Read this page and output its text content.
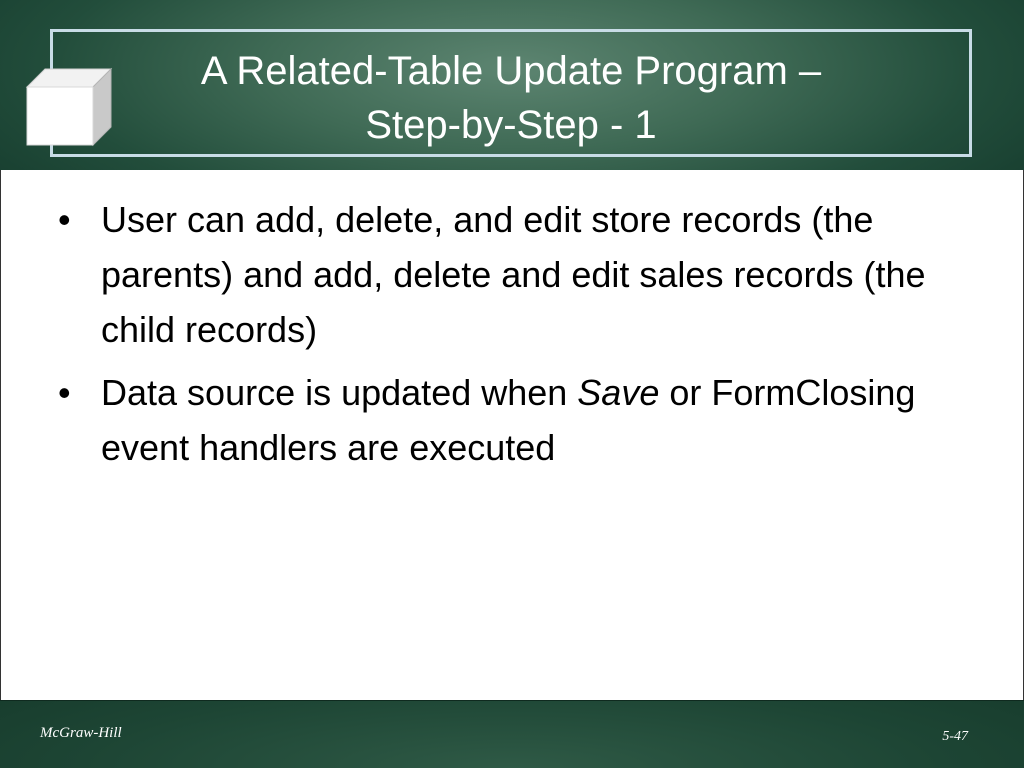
A Related-Table Update Program –
Step-by-Step - 1
• User can add, delete, and edit store records (the parents) and add, delete and edit sales records (the child records)
• Data source is updated when Save or FormClosing event handlers are executed
McGraw-Hill	5-47
